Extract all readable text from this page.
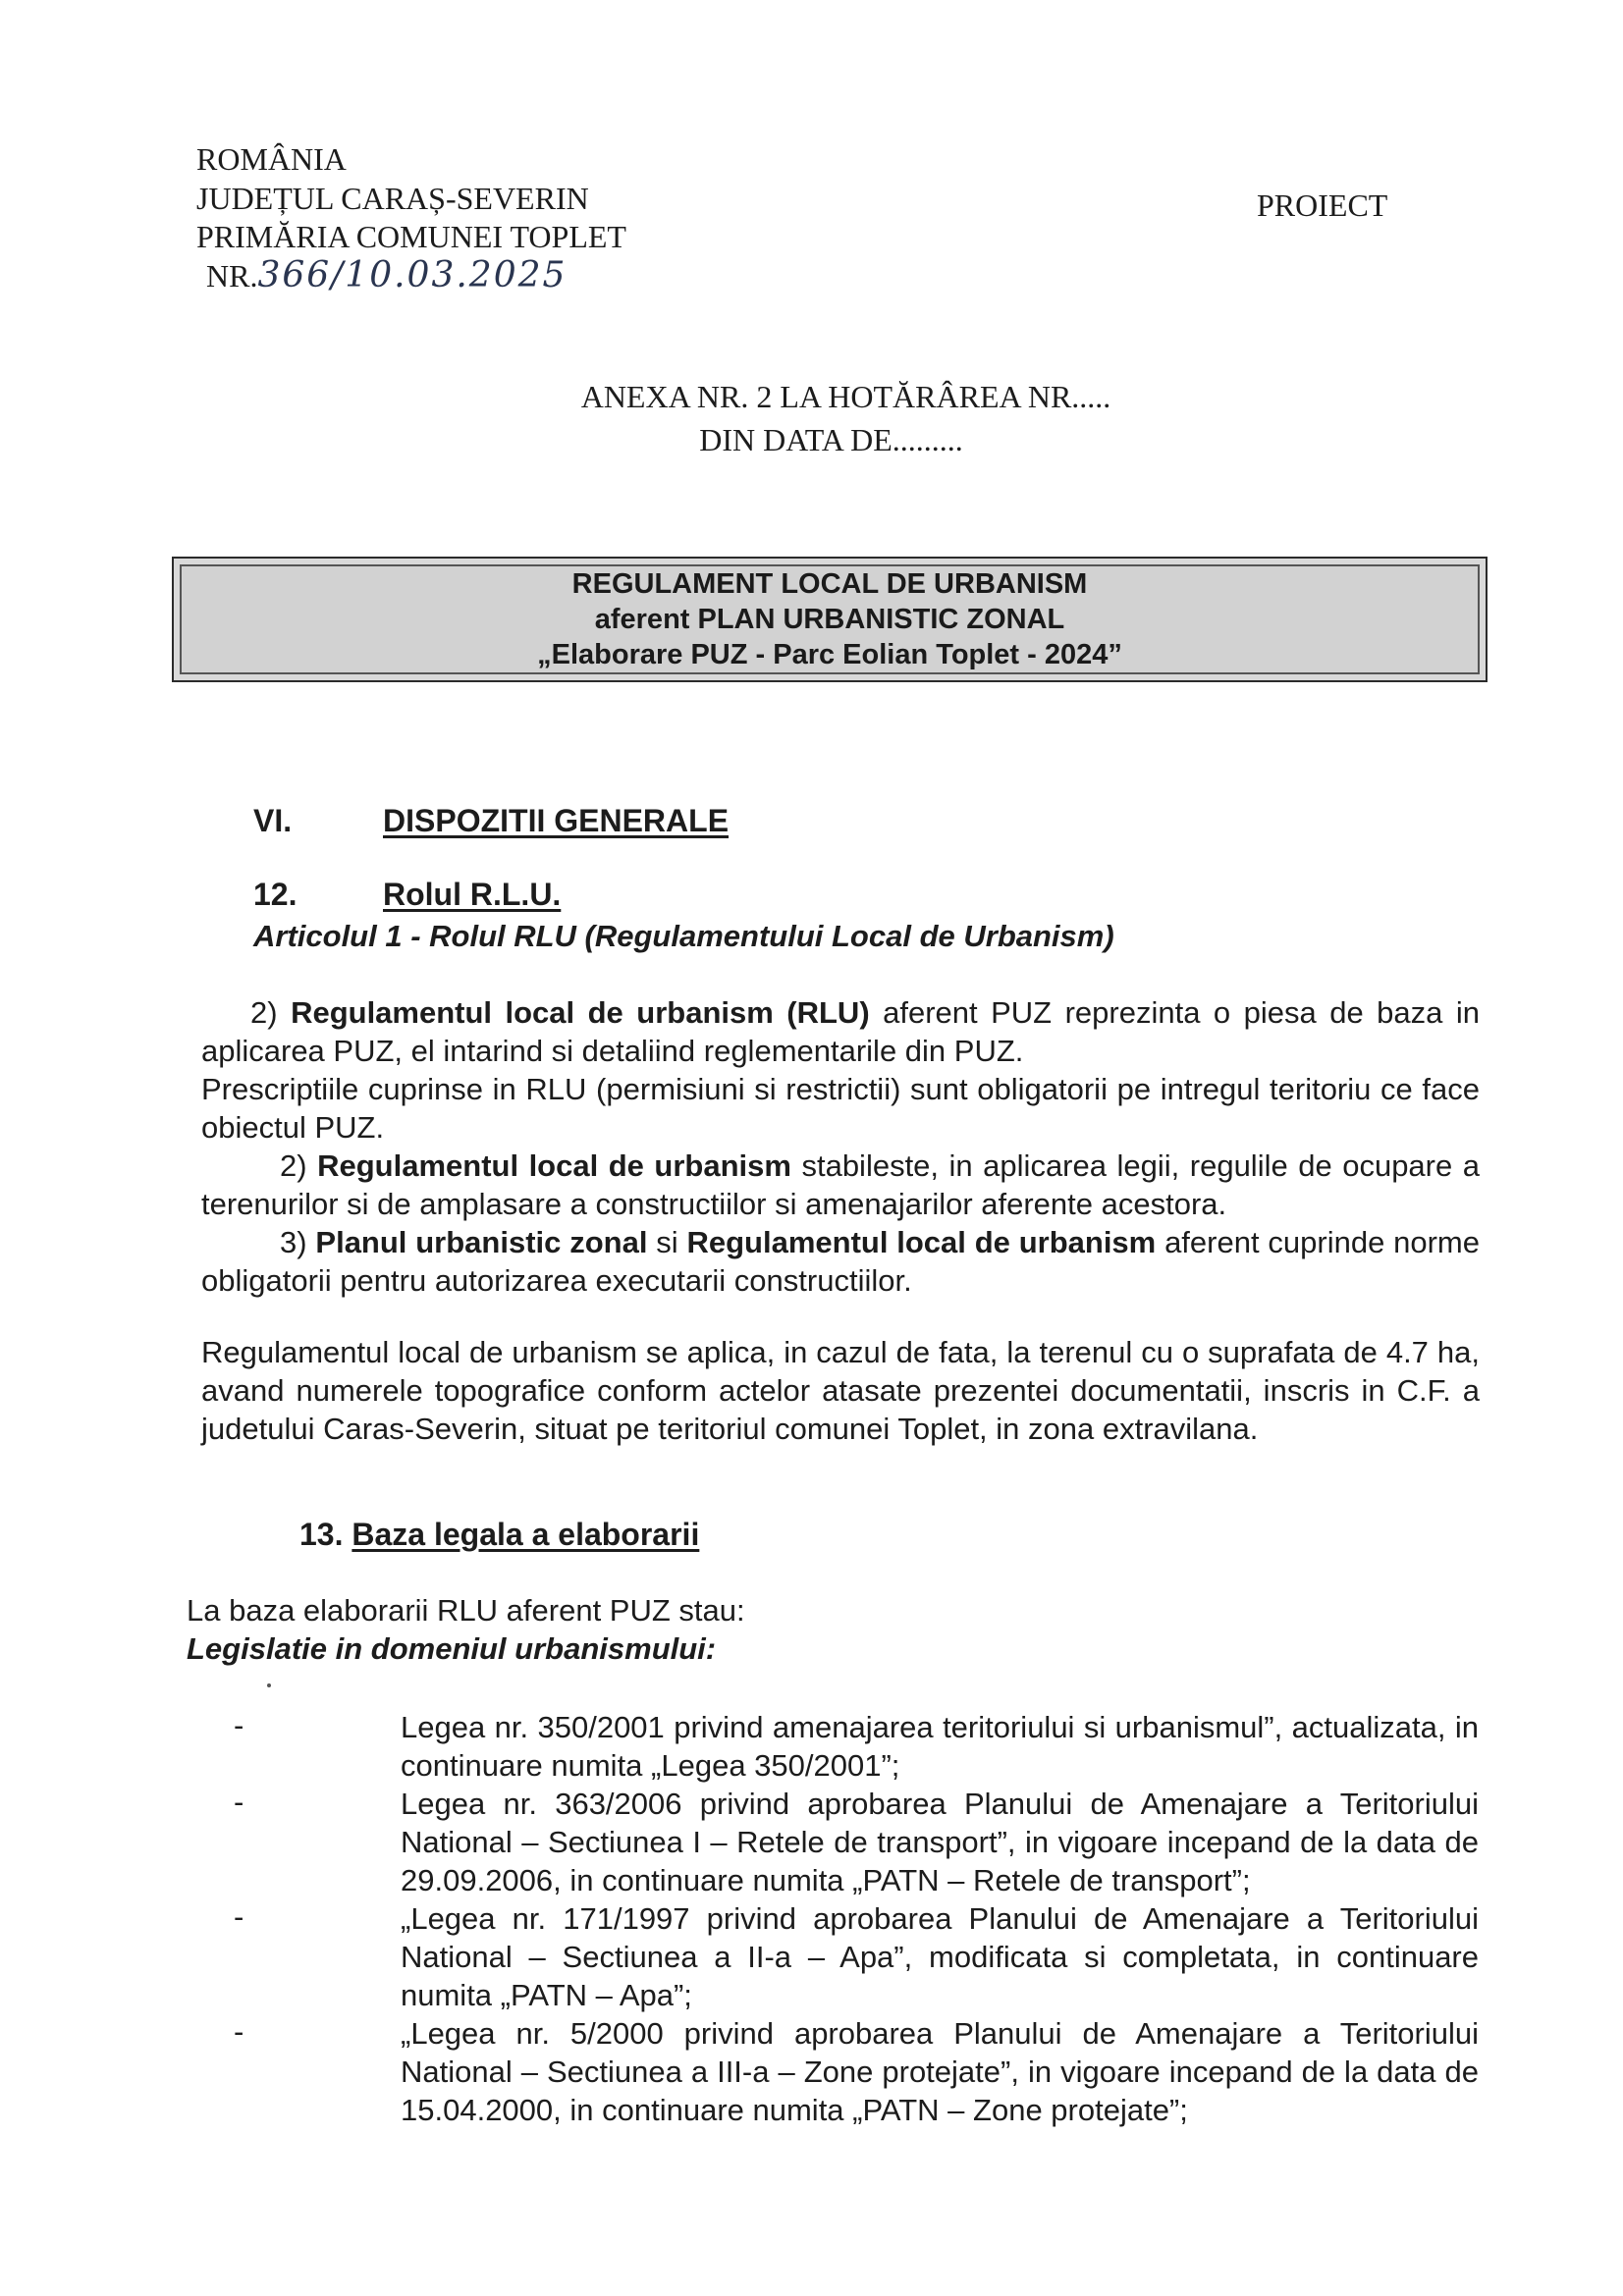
ROMÂNIA
JUDEȚUL CARAȘ-SEVERIN
PRIMĂRIA COMUNEI TOPLET
NR.366/10.03.2025
PROIECT
ANEXA NR. 2 LA HOTĂRÂREA NR.....
DIN DATA DE.........
REGULAMENT LOCAL DE URBANISM
aferent PLAN URBANISTIC ZONAL
„Elaborare PUZ - Parc Eolian Toplet - 2024”
VI.	DISPOZITII GENERALE
12.	Rolul R.L.U.
Articolul 1 - Rolul RLU (Regulamentului Local de Urbanism)

2) Regulamentul local de urbanism (RLU) aferent PUZ reprezinta o piesa de baza in aplicarea PUZ, el intarind si detaliind reglementarile din PUZ.

Prescriptiile cuprinse in RLU (permisiuni si restrictii) sunt obligatorii pe intregul teritoriu ce face obiectul PUZ.

2) Regulamentul local de urbanism stabileste, in aplicarea legii, regulile de ocupare a terenurilor si de amplasare a constructiilor si amenajarilor aferente acestora.

3) Planul urbanistic zonal si Regulamentul local de urbanism aferent cuprinde norme obligatorii pentru autorizarea executarii constructiilor.

Regulamentul local de urbanism se aplica, in cazul de fata, la terenul cu o suprafata de 4.7 ha, avand numerele topografice conform actelor atasate prezentei documentatii, inscris in C.F. a judetului Caras-Severin, situat pe teritoriul comunei Toplet, in zona extravilana.
13. Baza legala a elaborarii
La baza elaborarii RLU aferent PUZ stau:
Legislatie in domeniul urbanismului:
-	Legea nr. 350/2001 privind amenajarea teritoriului si urbanismul”, actualizata, in continuare numita „Legea 350/2001”;
-	Legea nr. 363/2006 privind aprobarea Planului de Amenajare a Teritoriului National – Sectiunea I – Retele de transport”, in vigoare incepand de la data de 29.09.2006, in continuare numita „PATN – Retele de transport”;
-	„Legea nr. 171/1997 privind aprobarea Planului de Amenajare a Teritoriului National – Sectiunea a II-a – Apa”, modificata si completata, in continuare numita „PATN – Apa”;
-	„Legea nr. 5/2000 privind aprobarea Planului de Amenajare a Teritoriului National – Sectiunea a III-a – Zone protejate”, in vigoare incepand de la data de 15.04.2000, in continuare numita „PATN – Zone protejate”;
